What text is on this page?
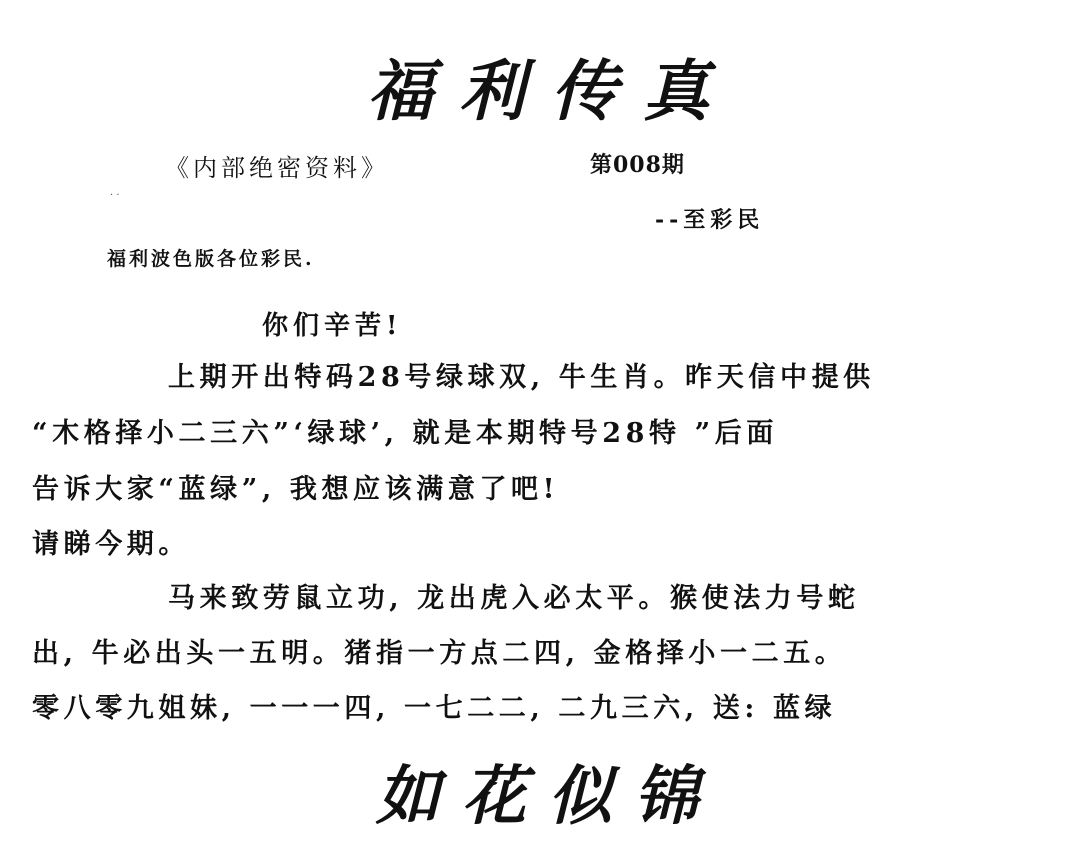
福利传真
《内部绝密资料》	第008期
· ·
--至彩民
福利波色版各位彩民.
你们辛苦!
上期开出特码28号绿球双, 牛生肖。昨天信中提供
“木格择小二三六”‘绿球’, 就是本期特号28特 ”后面
告诉大家“蓝绿”, 我想应该满意了吧!
请睇今期。
马来致劳鼠立功, 龙出虎入必太平。猴使法力号蛇
出, 牛必出头一五明。猪指一方点二四, 金格择小一二五。
零八零九姐妹, 一一一四, 一七二二, 二九三六, 送: 蓝绿
如花似锦
